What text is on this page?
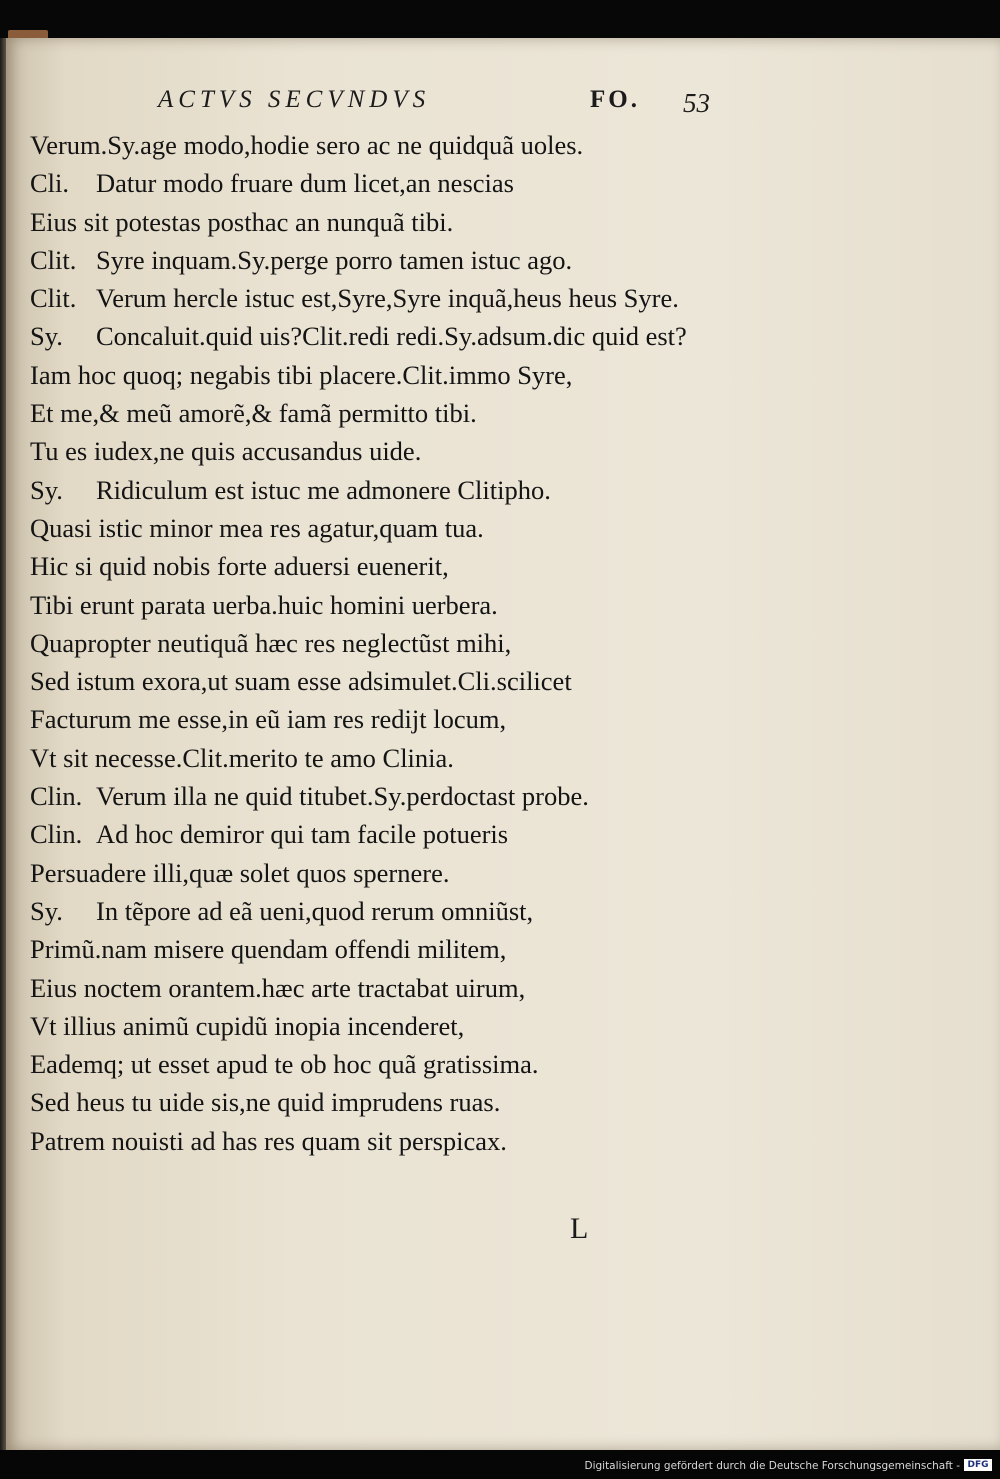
ACTVS SECVNDVS	FO. 53
Verum.Sy.age modo,hodie sero ac ne quidquã uoles.
Cli. Datur modo fruare dum licet,an nescias
Eius sit potestas posthac an nunquã tibi.
Clit. Syre inquam.Sy.perge porro tamen istuc ago.
Clit. Verum hercle istuc est,Syre,Syre inquã,heus heus Syre.
Sy. Concaluit.quid uis?Clit.redi redi.Sy.adsum.dic quid est?
Iam hoc quoq; negabis tibi placere.Clit.immo Syre,
Et me,& meũ amorẽ,& famã permitto tibi.
Tu es iudex,ne quis accusandus uide.
Sy. Ridiculum est istuc me admonere Clitipho.
Quasi istic minor mea res agatur,quam tua.
Hic si quid nobis forte aduersi euenerit,
Tibi erunt parata uerba.huic homini uerbera.
Quapropter neutiquã hæc res neglectũst mihi,
Sed istum exora,ut suam esse adsimulet.Cli.scilicet
Facturum me esse,in eũ iam res rediјt locum,
Vt sit necesse.Clit.merito te amo Clinia.
Clin. Verum illa ne quid titubet.Sy.perdoctast probe.
Clin. Ad hoc demiror qui tam facile potueris
Persuadere illi,quæ solet quos spernere.
Sy. In tẽpore ad eã ueni,quod rerum omniũst,
Primũ.nam misere quendam offendi militem,
Eius noctem orantem.hæc arte tractabat uirum,
Vt illius animũ cupidũ inopia incenderet,
Eademq; ut esset apud te ob hoc quã gratissima.
Sed heus tu uide sis,ne quid imprudens ruas.
Patrem nouisti ad has res quam sit perspicax.
L
Digitalisierung gefördert durch die Deutsche Forschungsgemeinschaft - DFG
